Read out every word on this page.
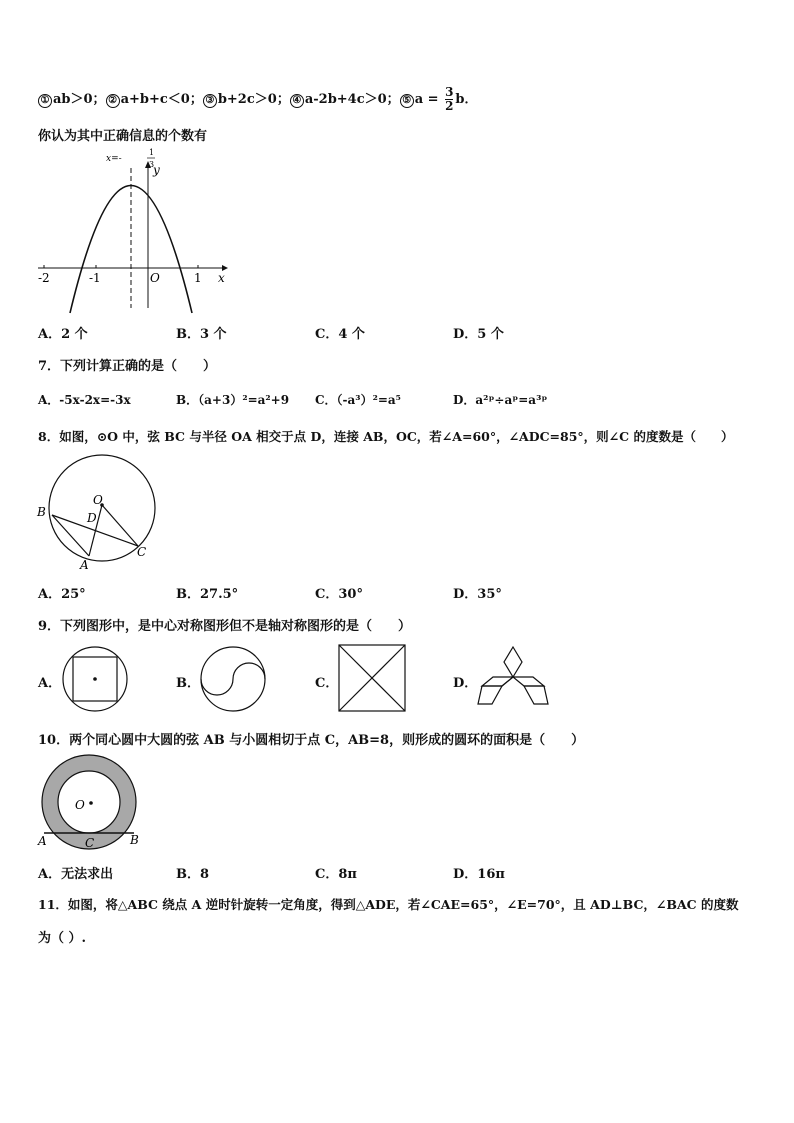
① ab＞0； ② a+b+c＜0； ③ b+2c＞0； ④ a-2b+4c＞0； ⑤ $a = \frac{3}{2}$ b．
你认为其中正确信息的个数有
-2	-1	1
O	x
y
x=-
1
3
A．2 个	B．3 个	C．4 个	D．5 个
7．下列计算正确的是（　　）
A．-5x-2x=-3x	B．（a+3）²=a²+9 C．（-a³）²=a⁵	D．a²ᵖ÷aᵖ=a³ᵖ
8．如图，⊙O 中，弦 BC 与半径 OA 相交于点 D，连接 AB，OC，若∠A=60°，∠ADC=85°，则∠C 的度数是（　　）
O
B	D
A
C
A．25°	B．27.5°	C．30°	D．35°
9．下列图形中，是中心对称图形但不是轴对称图形的是（　　）
A．	B．	C．	D．
10．两个同心圆中大圆的弦 AB 与小圆相切于点 C，AB=8，则形成的圆环的面积是（　　）
O
A	B
C
A．无法求出	B．8	C．8π	D．16π
11．如图，将△ABC 绕点 A 逆时针旋转一定角度，得到△ADE，若∠CAE=65°，∠E=70°，且 AD⊥BC，∠BAC 的度数
为（ ）.
